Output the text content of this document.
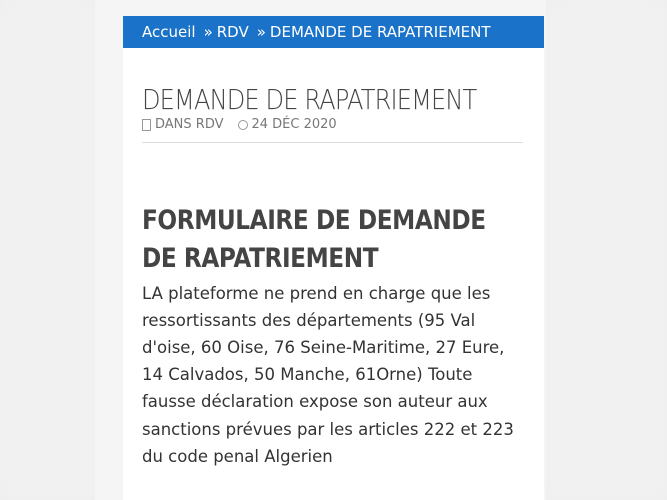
Accueil » RDV » DEMANDE DE RAPATRIEMENT
DEMANDE DE RAPATRIEMENT
DANS RDV 24 DÉC 2020
FORMULAIRE DE DEMANDE DE RAPATRIEMENT

LA plateforme ne prend en charge que les ressortissants des départements (95 Val d'oise, 60 Oise, 76 Seine-Maritime, 27 Eure, 14 Calvados, 50 Manche, 61Orne) Toute fausse déclaration expose son auteur aux sanctions prévues par les articles 222 et 223 du code penal Algerien
